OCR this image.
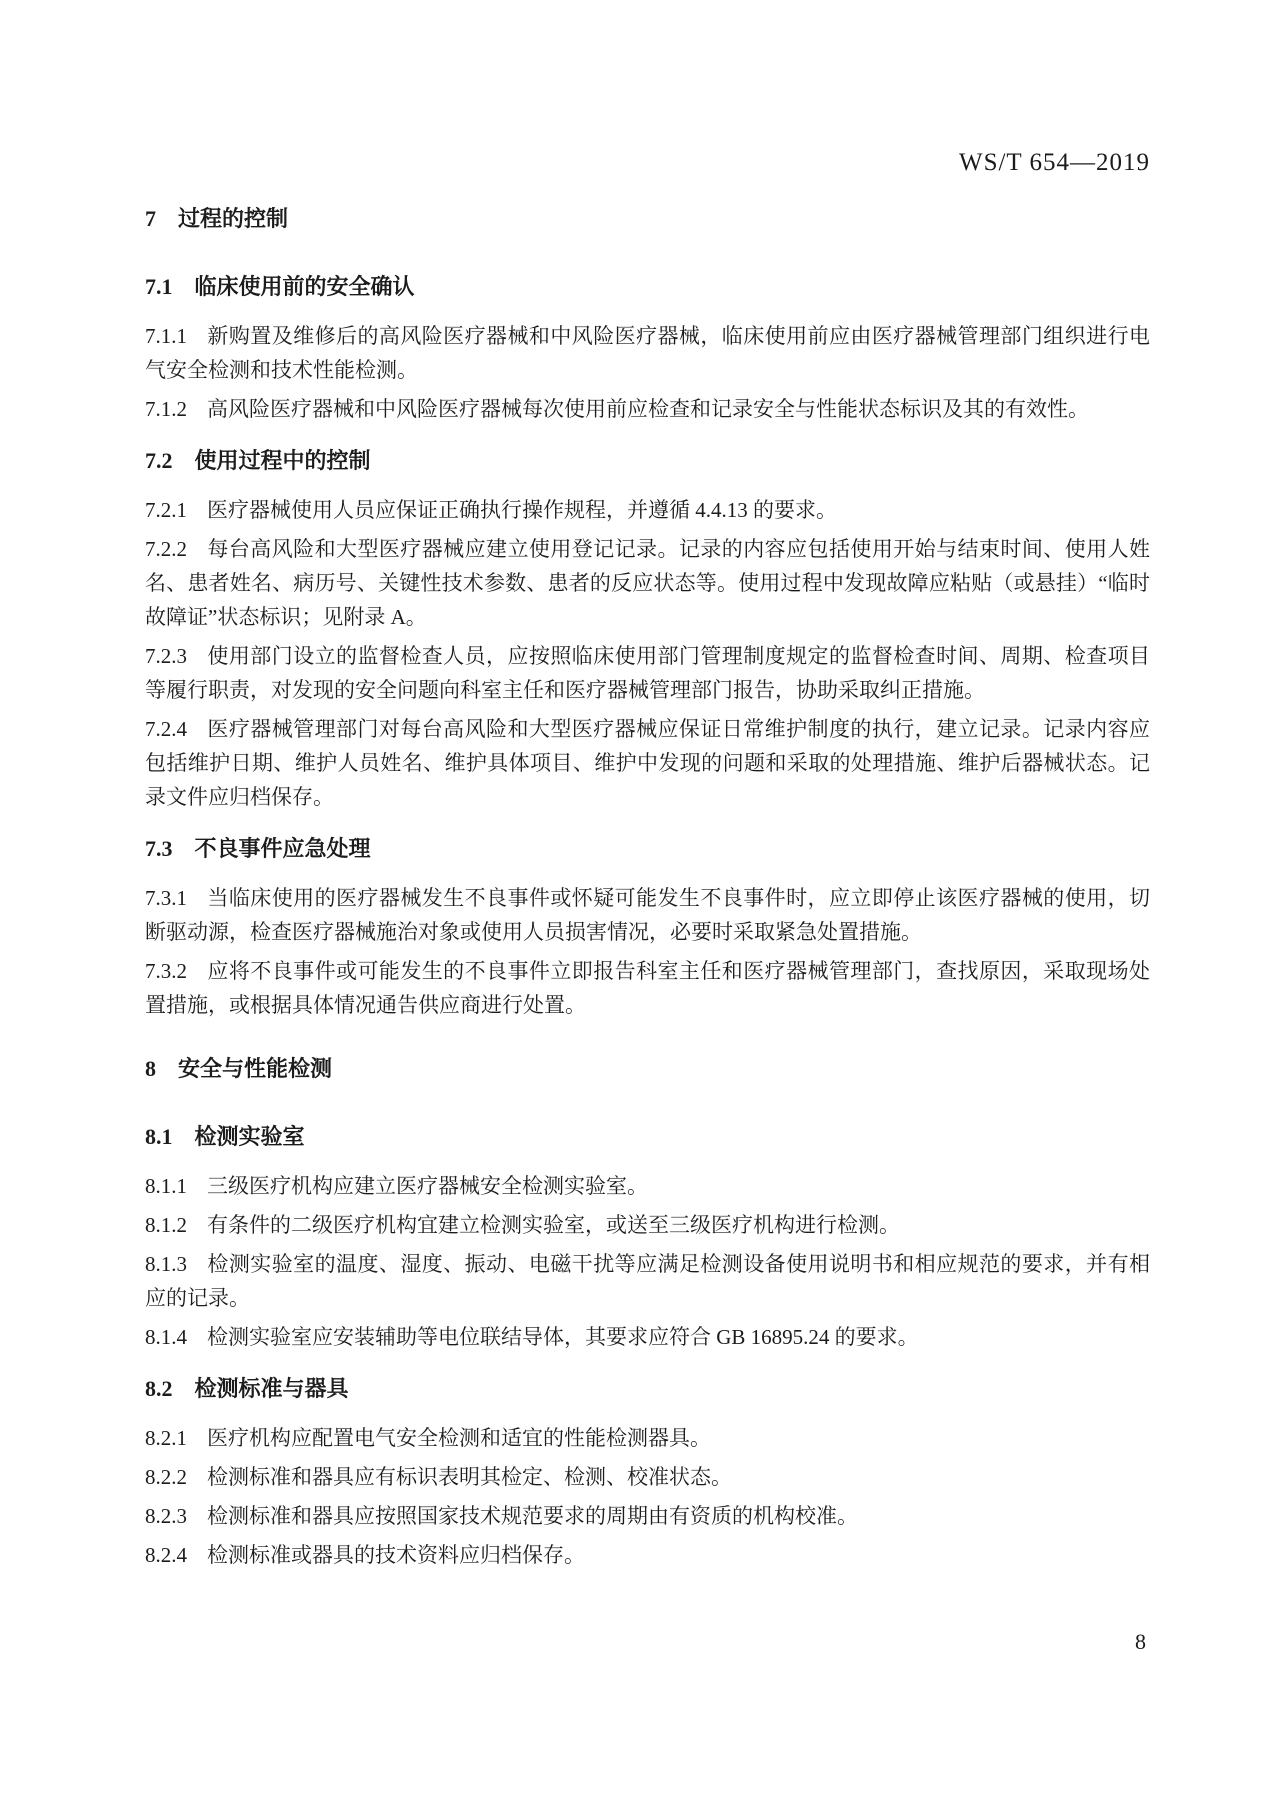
WS/T 654—2019
7 过程的控制
7.1 临床使用前的安全确认

7.1.1 新购置及维修后的高风险医疗器械和中风险医疗器械，临床使用前应由医疗器械管理部门组织进行电气安全检测和技术性能检测。

7.1.2 高风险医疗器械和中风险医疗器械每次使用前应检查和记录安全与性能状态标识及其的有效性。

7.2 使用过程中的控制

7.2.1 医疗器械使用人员应保证正确执行操作规程，并遵循 4.4.13 的要求。

7.2.2 每台高风险和大型医疗器械应建立使用登记记录。记录的内容应包括使用开始与结束时间、使用人姓名、患者姓名、病历号、关键性技术参数、患者的反应状态等。使用过程中发现故障应粘贴（或悬挂）“临时故障证”状态标识；见附录 A。

7.2.3 使用部门设立的监督检查人员，应按照临床使用部门管理制度规定的监督检查时间、周期、检查项目等履行职责，对发现的安全问题向科室主任和医疗器械管理部门报告，协助采取纠正措施。

7.2.4 医疗器械管理部门对每台高风险和大型医疗器械应保证日常维护制度的执行，建立记录。记录内容应包括维护日期、维护人员姓名、维护具体项目、维护中发现的问题和采取的处理措施、维护后器械状态。记录文件应归档保存。

7.3 不良事件应急处理

7.3.1 当临床使用的医疗器械发生不良事件或怀疑可能发生不良事件时，应立即停止该医疗器械的使用，切断驱动源，检查医疗器械施治对象或使用人员损害情况，必要时采取紧急处置措施。

7.3.2 应将不良事件或可能发生的不良事件立即报告科室主任和医疗器械管理部门，查找原因，采取现场处置措施，或根据具体情况通告供应商进行处置。

8 安全与性能检测
8.1 检测实验室

8.1.1 三级医疗机构应建立医疗器械安全检测实验室。

8.1.2 有条件的二级医疗机构宜建立检测实验室，或送至三级医疗机构进行检测。

8.1.3 检测实验室的温度、湿度、振动、电磁干扰等应满足检测设备使用说明书和相应规范的要求，并有相应的记录。

8.1.4 检测实验室应安装辅助等电位联结导体，其要求应符合 GB 16895.24 的要求。

8.2 检测标准与器具

8.2.1 医疗机构应配置电气安全检测和适宜的性能检测器具。

8.2.2 检测标准和器具应有标识表明其检定、检测、校准状态。

8.2.3 检测标准和器具应按照国家技术规范要求的周期由有资质的机构校准。

8.2.4 检测标准或器具的技术资料应归档保存。

8
